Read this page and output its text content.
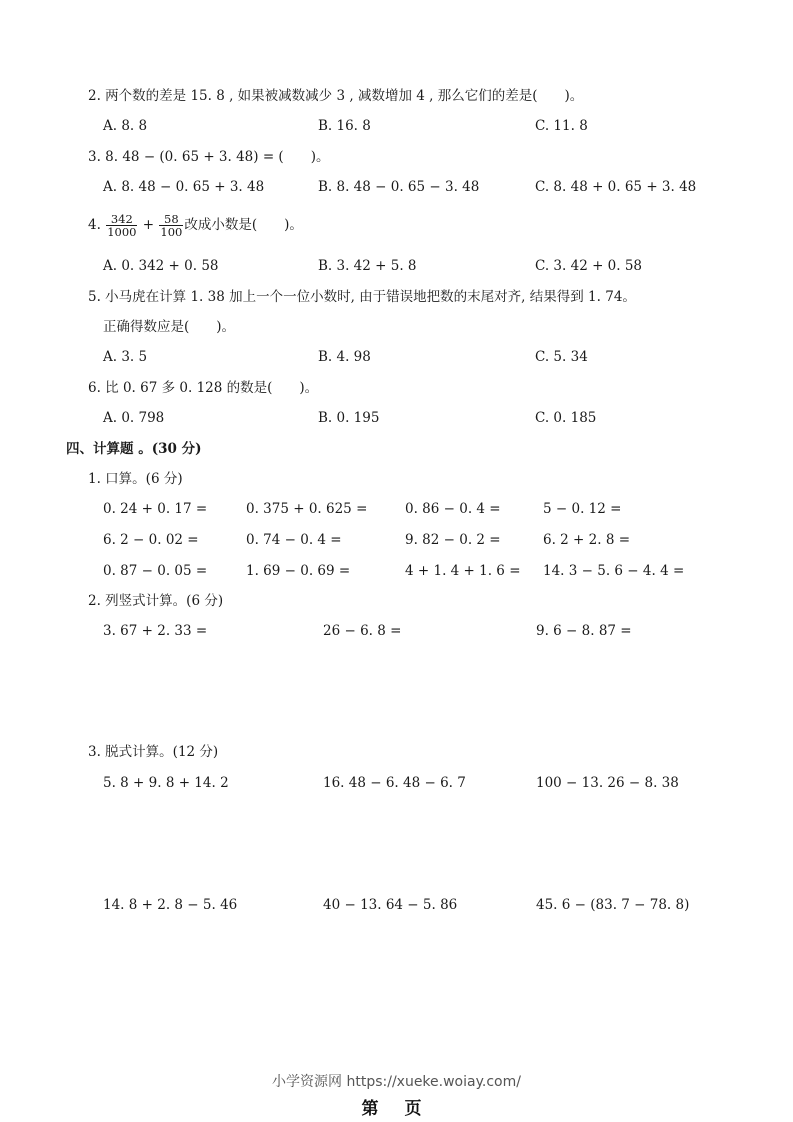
2. 两个数的差是 15. 8 , 如果被减数减少 3 , 减数增加 4 , 那么它们的差是(　　)。
A. 8. 8	B. 16. 8	C. 11. 8
3. 8. 48 − (0. 65 + 3. 48) = (　　)。
A. 8. 48 − 0. 65 + 3. 48	B. 8. 48 − 0. 65 − 3. 48	C. 8. 48 + 0. 65 + 3. 48
4. $\frac{342}{1000} + \frac{58}{100}$ 改成小数是(　　)。
A. 0. 342 + 0. 58	B. 3. 42 + 5. 8	C. 3. 42 + 0. 58
5. 小马虎在计算 1. 38 加上一个一位小数时, 由于错误地把数的末尾对齐, 结果得到 1. 74。
正确得数应是(　　)。
A. 3. 5	B. 4. 98	C. 5. 34
6. 比 0. 67 多 0. 128 的数是(　　)。
A. 0. 798	B. 0. 195	C. 0. 185
四、计算题 。(30 分)
1. 口算。(6 分)
0. 24 + 0. 17 =	0. 375 + 0. 625 =	0. 86 − 0. 4 =	5 − 0. 12 =
6. 2 − 0. 02 =	0. 74 − 0. 4 =	9. 82 − 0. 2 =	6. 2 + 2. 8 =
0. 87 − 0. 05 =	1. 69 − 0. 69 =	4 + 1. 4 + 1. 6 = 14. 3 − 5. 6 − 4. 4 =
2. 列竖式计算。(6 分)
3. 67 + 2. 33 =	26 − 6. 8 =	9. 6 − 8. 87 =
3. 脱式计算。(12 分)
5. 8 + 9. 8 + 14. 2	16. 48 − 6. 48 − 6. 7	100 − 13. 26 − 8. 38
14. 8 + 2. 8 − 5. 46	40 − 13. 64 − 5. 86	45. 6 − (83. 7 − 78. 8)
小学资源网 https://xueke.woiay.com/
第 页
